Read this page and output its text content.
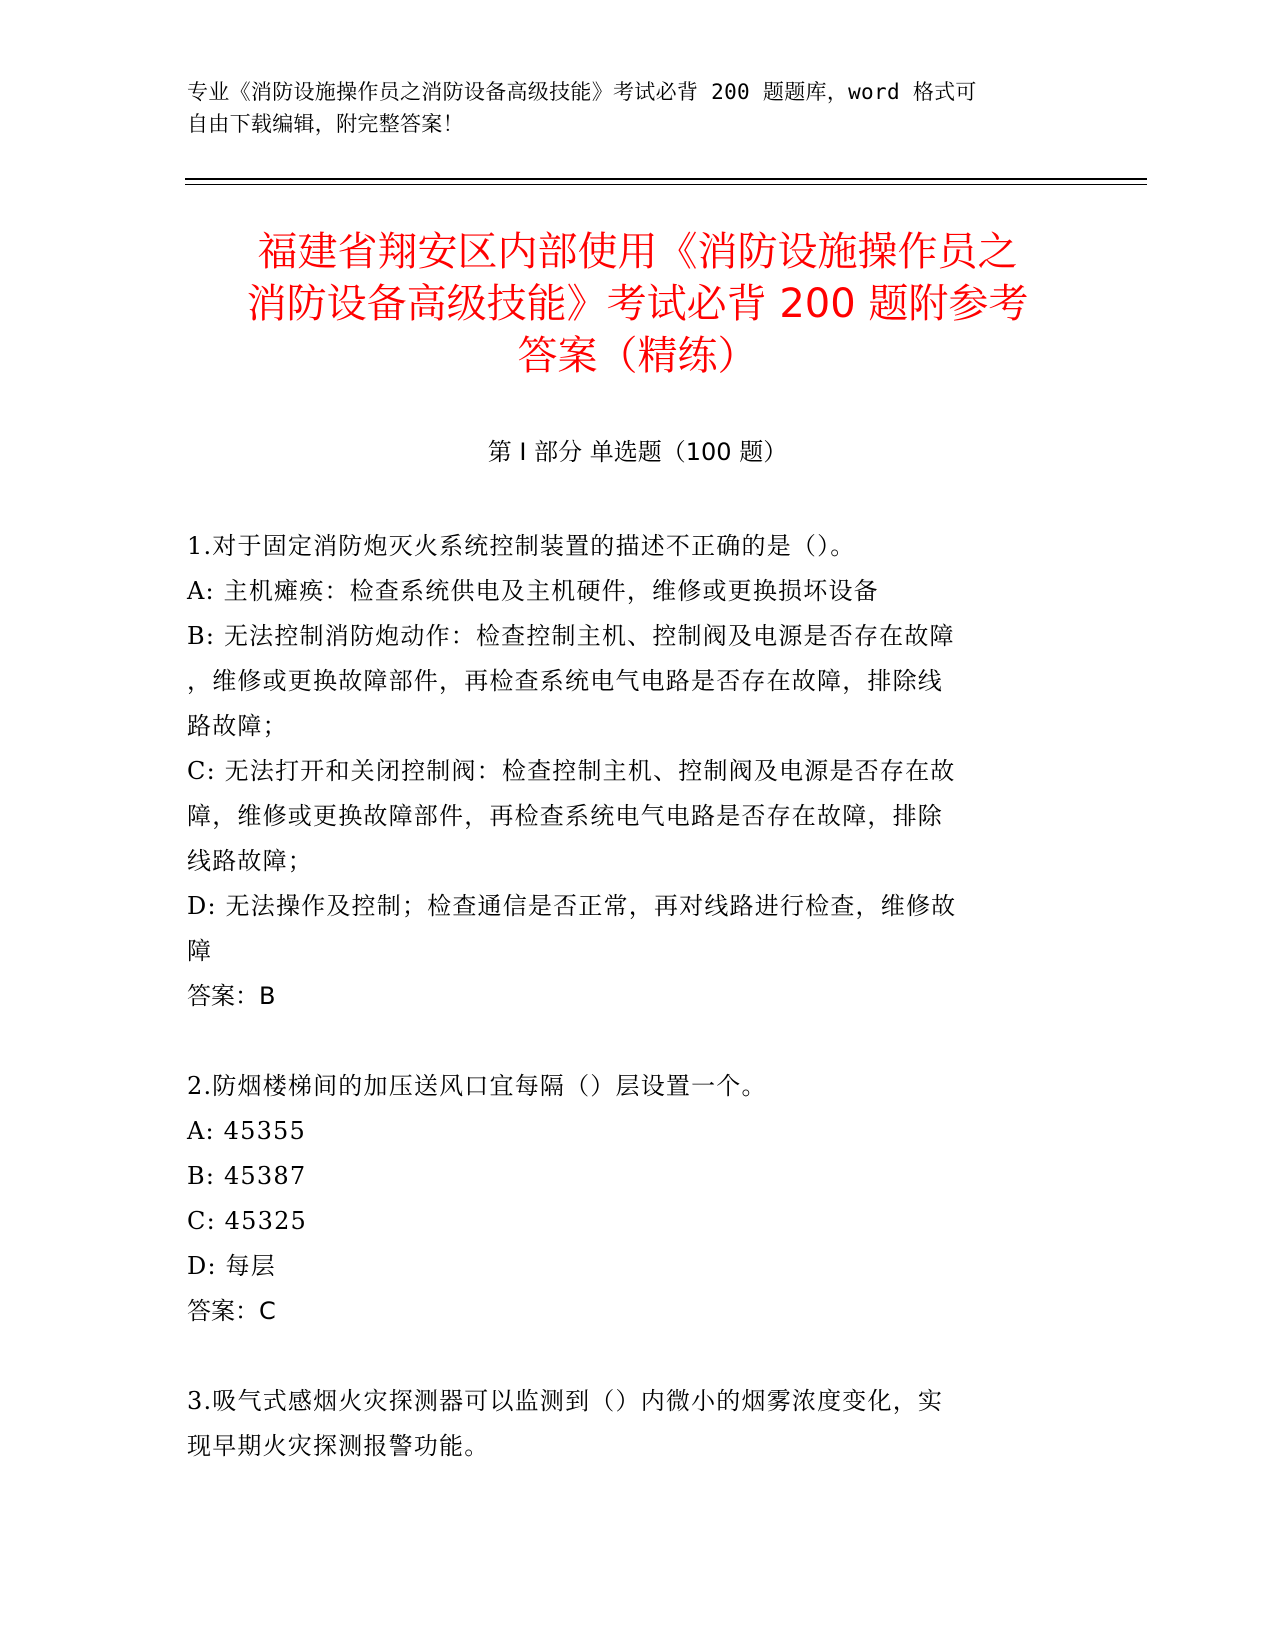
专业《消防设施操作员之消防设备高级技能》考试必背 200 题题库，word 格式可
自由下载编辑，附完整答案！
福建省翔安区内部使用《消防设施操作员之
消防设备高级技能》考试必背 200 题附参考
答案（精练）
第 I 部分 单选题（100 题）
1.对于固定消防炮灭火系统控制装置的描述不正确的是（）。
A: 主机瘫痪：检查系统供电及主机硬件，维修或更换损坏设备
B: 无法控制消防炮动作：检查控制主机、控制阀及电源是否存在故障
，维修或更换故障部件，再检查系统电气电路是否存在故障，排除线
路故障；
C: 无法打开和关闭控制阀：检查控制主机、控制阀及电源是否存在故
障，维修或更换故障部件，再检查系统电气电路是否存在故障，排除
线路故障；
D: 无法操作及控制；检查通信是否正常，再对线路进行检查，维修故
障
答案：B
2.防烟楼梯间的加压送风口宜每隔（）层设置一个。
A: 45355
B: 45387
C: 45325
D: 每层
答案：C
3.吸气式感烟火灾探测器可以监测到（）内微小的烟雾浓度变化，实
现早期火灾探测报警功能。
